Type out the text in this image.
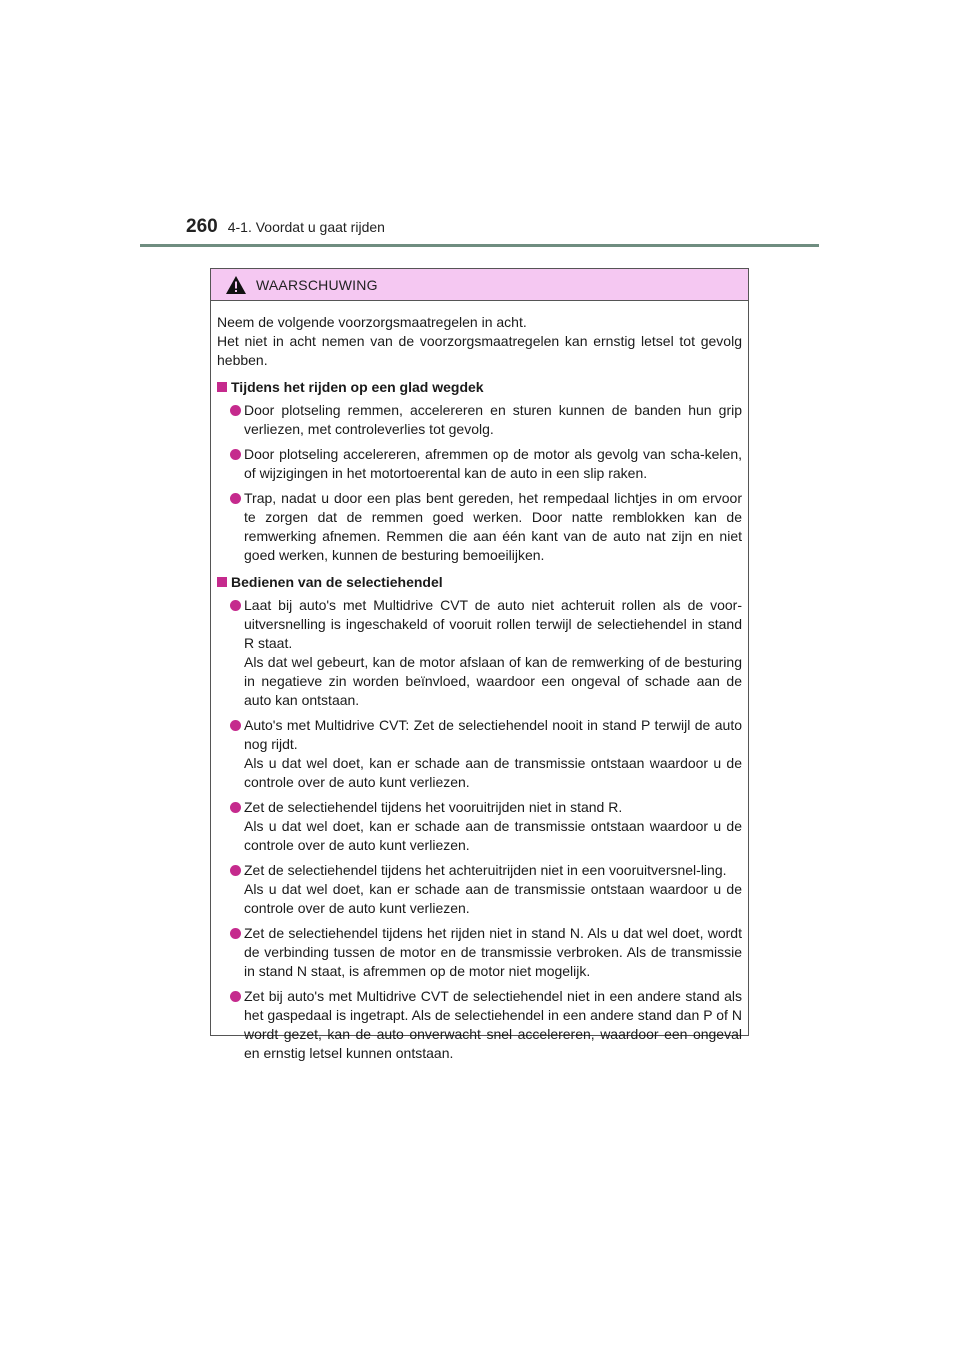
260 4-1. Voordat u gaat rijden
WAARSCHUWING

Neem de volgende voorzorgsmaatregelen in acht.

Het niet in acht nemen van de voorzorgsmaatregelen kan ernstig letsel tot gevolg hebben.

Tijdens het rijden op een glad wegdek

Door plotseling remmen, accelereren en sturen kunnen de banden hun grip verliezen, met controleverlies tot gevolg.

Door plotseling accelereren, afremmen op de motor als gevolg van scha-kelen, of wijzigingen in het motortoerental kan de auto in een slip raken.

Trap, nadat u door een plas bent gereden, het rempedaal lichtjes in om ervoor te zorgen dat de remmen goed werken. Door natte remblokken kan de remwerking afnemen. Remmen die aan één kant van de auto nat zijn en niet goed werken, kunnen de besturing bemoeilijken.

Bedienen van de selectiehendel

Laat bij auto's met Multidrive CVT de auto niet achteruit rollen als de voor-uitversnelling is ingeschakeld of vooruit rollen terwijl de selectiehendel in stand R staat.

Als dat wel gebeurt, kan de motor afslaan of kan de remwerking of de besturing in negatieve zin worden beïnvloed, waardoor een ongeval of schade aan de auto kan ontstaan.

Auto's met Multidrive CVT: Zet de selectiehendel nooit in stand P terwijl de auto nog rijdt.

Als u dat wel doet, kan er schade aan de transmissie ontstaan waardoor u de controle over de auto kunt verliezen.

Zet de selectiehendel tijdens het vooruitrijden niet in stand R.

Als u dat wel doet, kan er schade aan de transmissie ontstaan waardoor u de controle over de auto kunt verliezen.

Zet de selectiehendel tijdens het achteruitrijden niet in een vooruitversnel-ling.

Als u dat wel doet, kan er schade aan de transmissie ontstaan waardoor u de controle over de auto kunt verliezen.

Zet de selectiehendel tijdens het rijden niet in stand N. Als u dat wel doet, wordt de verbinding tussen de motor en de transmissie verbroken. Als de transmissie in stand N staat, is afremmen op de motor niet mogelijk.

Zet bij auto's met Multidrive CVT de selectiehendel niet in een andere stand als het gaspedaal is ingetrapt. Als de selectiehendel in een andere stand dan P of N wordt gezet, kan de auto onverwacht snel accelereren, waardoor een ongeval en ernstig letsel kunnen ontstaan.
